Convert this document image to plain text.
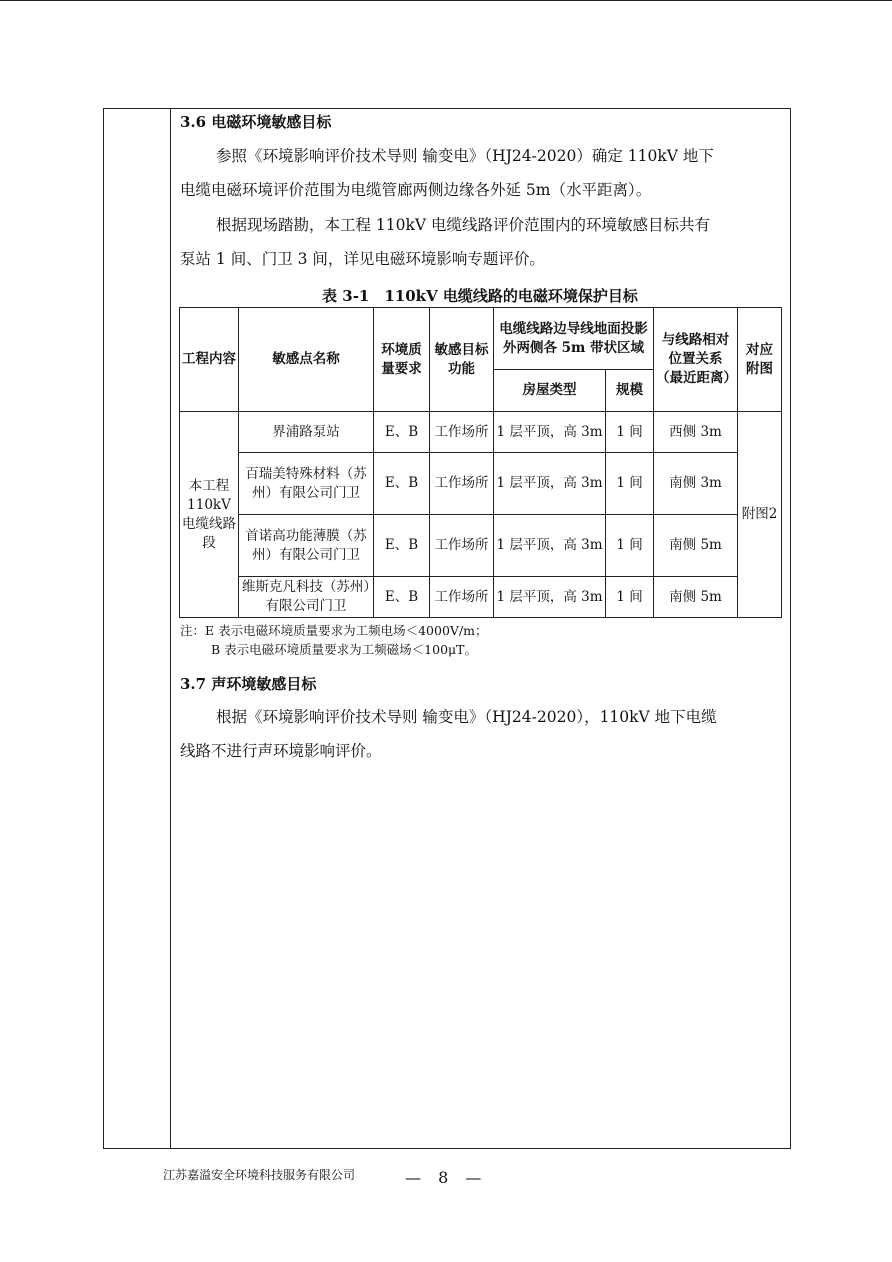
3.6 电磁环境敏感目标
参照《环境影响评价技术导则 输变电》（HJ24-2020）确定 110kV 地下
电缆电磁环境评价范围为电缆管廊两侧边缘各外延 5m（水平距离）。
根据现场踏勘，本工程 110kV 电缆线路评价范围内的环境敏感目标共有
泵站 1 间、门卫 3 间，详见电磁环境影响专题评价。
表 3-1　110kV 电缆线路的电磁环境保护目标
工程内容	敏感点名称	环境质量要求	敏感目标功能	电缆线路边导线地面投影外两侧各 5m 带状区域		与线路相对位置关系（最近距离）	对应附图
				房屋类型	规模		
本工程110kV电缆线路段	界浦路泵站	E、B	工作场所	1 层平顶，高 3m	1 间	西侧 3m	附图2
	百瑞美特殊材料（苏州）有限公司门卫	E、B	工作场所	1 层平顶，高 3m	1 间	南侧 3m	
	首诺高功能薄膜（苏州）有限公司门卫	E、B	工作场所	1 层平顶，高 3m	1 间	南侧 5m	
	维斯克凡科技（苏州）有限公司门卫	E、B	工作场所	1 层平顶，高 3m	1 间	南侧 5m	
注：E 表示电磁环境质量要求为工频电场＜4000V/m；
B 表示电磁环境质量要求为工频磁场＜100μT。
3.7 声环境敏感目标
根据《环境影响评价技术导则 输变电》（HJ24-2020），110kV 地下电缆
线路不进行声环境影响评价。
江苏嘉溢安全环境科技服务有限公司	— 8 —
